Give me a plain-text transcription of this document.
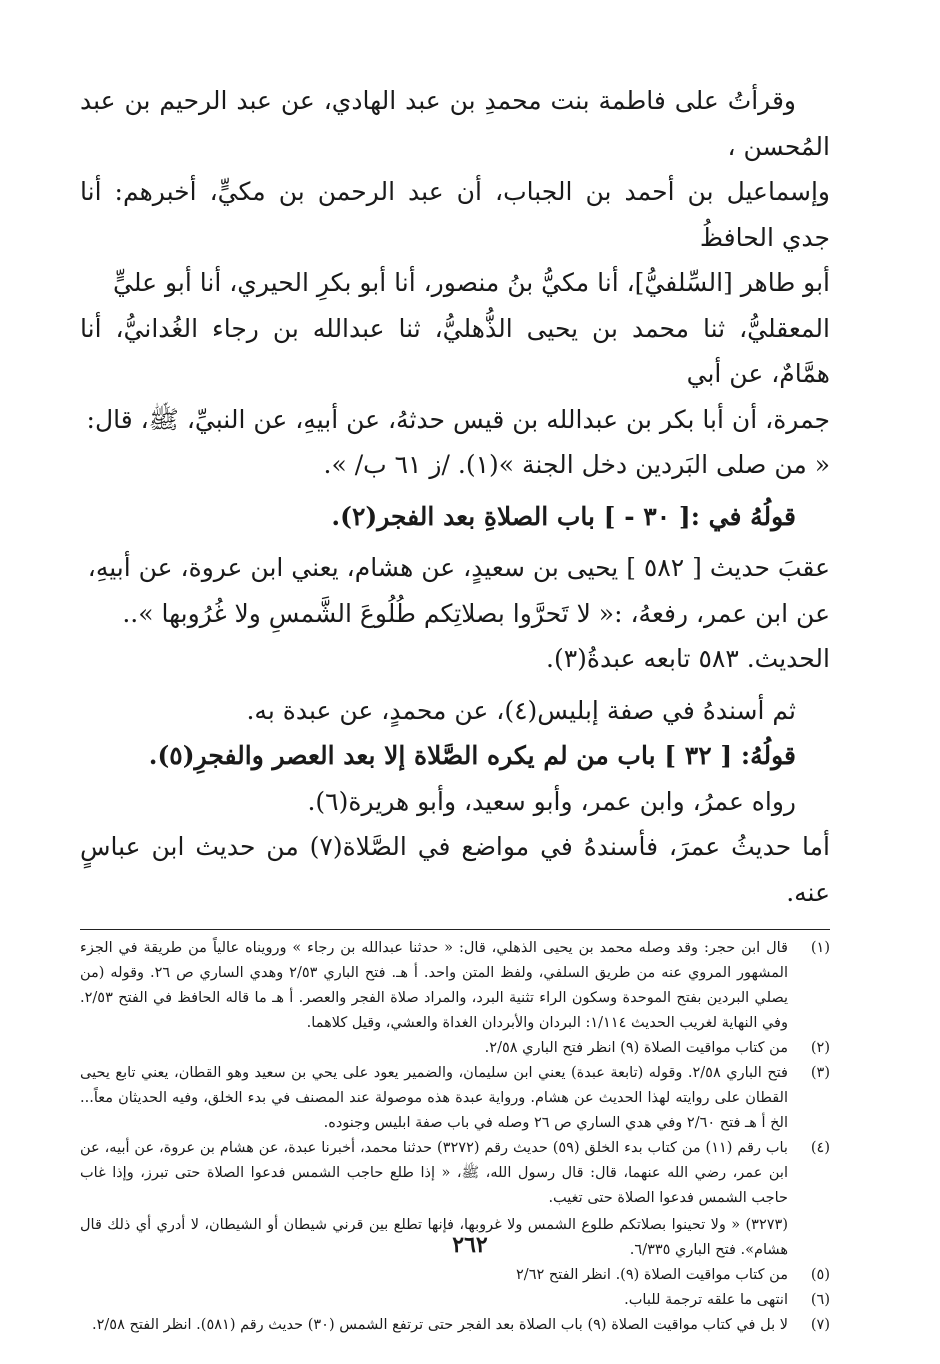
وقرأتُ على فاطمة بنت محمدِ بن عبد الهادي، عن عبد الرحيم بن عبد المُحسن ،
وإسماعيل بن أحمد بن الجباب، أن عبد الرحمن بن مكيٍّ، أخبرهم: أنا جدي الحافظُ
أبو طاهر [السِّلفيُّ]، أنا مكيُّ بنُ منصور، أنا أبو بكرِ الحيري، أنا أبو عليٍّ
المعقليُّ، ثنا محمد بن يحيى الذُّهليُّ، ثنا عبدالله بن رجاء الغُدانيُّ، أنا همَّامٌ، عن أبي
جمرة، أن أبا بكر بن عبدالله بن قيس حدثهُ، عن أبيهِ، عن النبيِّ، ﷺ، قال:
« من صلى البَردين دخل الجنة »(١). /ز ٦١ ب/ ».

قولُهُ في :[ ٣٠ - ] باب الصلاةِ بعد الفجر(٢).

عقبَ حديث [ ٥٨٢ ] يحيى بن سعيدٍ، عن هشام، يعني ابن عروة، عن أبيهِ،
عن ابن عمر، رفعهُ، :« لا تَحرَّوا بصلاتِكم طُلُوعَ الشَّمسِ ولا غُرُوبها »..
الحديث. ٥٨٣ تابعه عبدةُ(٣).

ثم أسندهُ في صفة إبليس(٤)، عن محمدٍ، عن عبدة به.

قولُهُ: [ ٣٢ ] باب من لم يكره الصَّلاة إلا بعد العصر والفجرِ(٥).

رواه عمرُ، وابن عمر، وأبو سعيد، وأبو هريرة(٦).

أما حديثُ عمرَ، فأسندهُ في مواضع في الصَّلاة(٧) من حديث ابن عباسٍ عنه.

(١)
قال ابن حجر: وقد وصله محمد بن يحيى الذهلي، قال: « حدثنا عبدالله بن رجاء » ورويناه عالياً من طريقة في الجزء المشهور المروي عنه من طريق السلفي، ولفظ المتن واحد. أ هـ. فتح الباري ٢/٥٣ وهدي الساري ص ٢٦. وقوله (من يصلي البردين بفتح الموحدة وسكون الراء تثنية البرد، والمراد صلاة الفجر والعصر. أ هـ ما قاله الحافظ في الفتح ٢/٥٣. وفي النهاية لغريب الحديث ١/١١٤: البردان والأبردان الغداة والعشي، وقيل كلاهما.
(٢)
من كتاب مواقيت الصلاة (٩) انظر فتح الباري ٢/٥٨.
(٣)
فتح الباري ٢/٥٨. وقوله (تابعة عبدة) يعني ابن سليمان، والضمير يعود على يحي بن سعيد وهو القطان، يعني تابع يحيى القطان على روايته لهذا الحديث عن هشام. ورواية عبدة هذه موصولة عند المصنف في بدء الخلق، وفيه الحديثان معاً... الخ أ هـ فتح ٢/٦٠ وفي هدي الساري ص ٢٦ وصله في باب صفة ابليس وجنوده.
(٤)
باب رقم (١١) من كتاب بدء الخلق (٥٩) حديث رقم (٣٢٧٢) حدثنا محمد، أخبرنا عبدة، عن هشام بن عروة، عن أبيه، عن ابن عمر، رضي الله عنهما، قال: قال رسول الله، ﷺ، « إذا طلع حاجب الشمس فدعوا الصلاة حتى تبرز، وإذا غاب حاجب الشمس فدعوا الصلاة حتى تغيب.
(٣٢٧٣) « ولا تحينوا بصلاتكم طلوع الشمس ولا غروبها، فإنها تطلع بين قرني شيطان أو الشيطان، لا أدري أي ذلك قال هشام». فتح الباري ٦/٣٣٥.
(٥)
من كتاب مواقيت الصلاة (٩). انظر الفتح ٢/٦٢
(٦)
انتهى ما علقه ترجمة للباب.
(٧)
لا بل في كتاب مواقيت الصلاة (٩) باب الصلاة بعد الفجر حتى ترتفع الشمس (٣٠) حديث رقم (٥٨١). انظر الفتح ٢/٥٨.
٢٦٢
